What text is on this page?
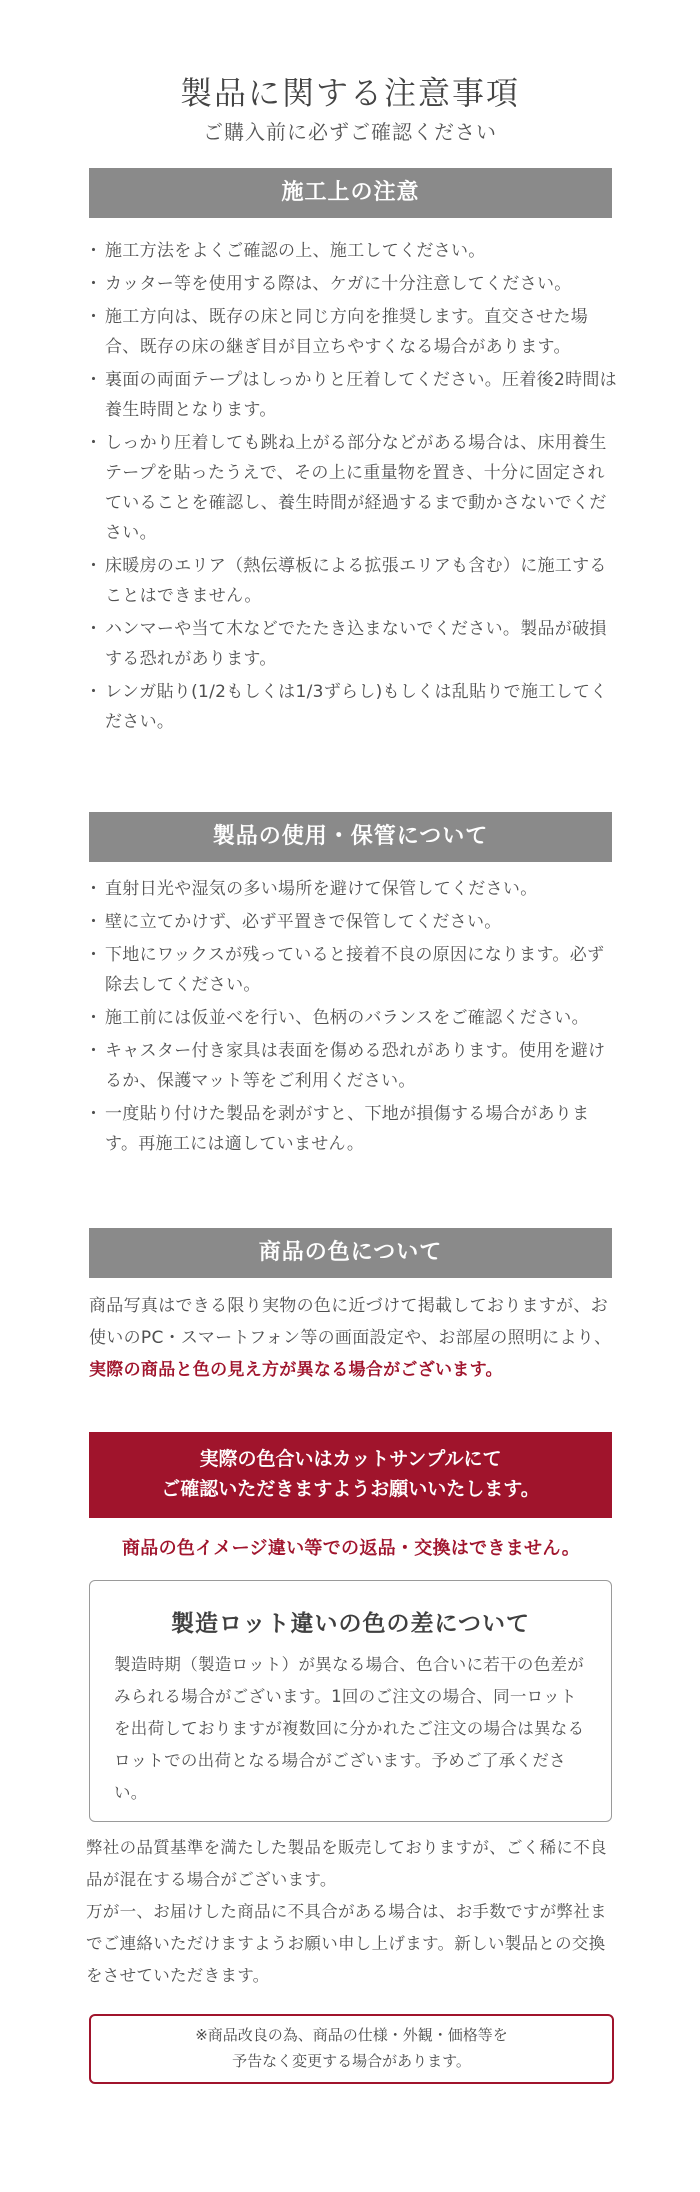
製品に関する注意事項
ご購入前に必ずご確認ください
施工上の注意
・ 施工方法をよくご確認の上、施工してください。
・ カッター等を使用する際は、ケガに十分注意してください。
・ 施工方向は、既存の床と同じ方向を推奨します。直交させた場合、既存の床の継ぎ目が目立ちやすくなる場合があります。
・ 裏面の両面テープはしっかりと圧着してください。圧着後2時間は養生時間となります。
・ しっかり圧着しても跳ね上がる部分などがある場合は、床用養生テープを貼ったうえで、その上に重量物を置き、十分に固定されていることを確認し、養生時間が経過するまで動かさないでください。
・ 床暖房のエリア（熱伝導板による拡張エリアも含む）に施工することはできません。
・ ハンマーや当て木などでたたき込まないでください。製品が破損する恐れがあります。
・ レンガ貼り(1/2もしくは1/3ずらし)もしくは乱貼りで施工してください。
製品の使用・保管について
・ 直射日光や湿気の多い場所を避けて保管してください。
・ 壁に立てかけず、必ず平置きで保管してください。
・ 下地にワックスが残っていると接着不良の原因になります。必ず除去してください。
・ 施工前には仮並べを行い、色柄のバランスをご確認ください。
・ キャスター付き家具は表面を傷める恐れがあります。使用を避けるか、保護マット等をご利用ください。
・ 一度貼り付けた製品を剥がすと、下地が損傷する場合があります。再施工には適していません。
商品の色について
商品写真はできる限り実物の色に近づけて掲載しておりますが、お使いのPC・スマートフォン等の画面設定や、お部屋の照明により、実際の商品と色の見え方が異なる場合がございます。
実際の色合いはカットサンプルにて
ご確認いただきますようお願いいたします。
商品の色イメージ違い等での返品・交換はできません。
製造ロット違いの色の差について
製造時期（製造ロット）が異なる場合、色合いに若干の色差がみられる場合がございます。1回のご注文の場合、同一ロットを出荷しておりますが複数回に分かれたご注文の場合は異なるロットでの出荷となる場合がございます。予めご了承ください。
弊社の品質基準を満たした製品を販売しておりますが、ごく稀に不良品が混在する場合がございます。
万が一、お届けした商品に不具合がある場合は、お手数ですが弊社までご連絡いただけますようお願い申し上げます。新しい製品との交換をさせていただきます。
※商品改良の為、商品の仕様・外観・価格等を
予告なく変更する場合があります。
